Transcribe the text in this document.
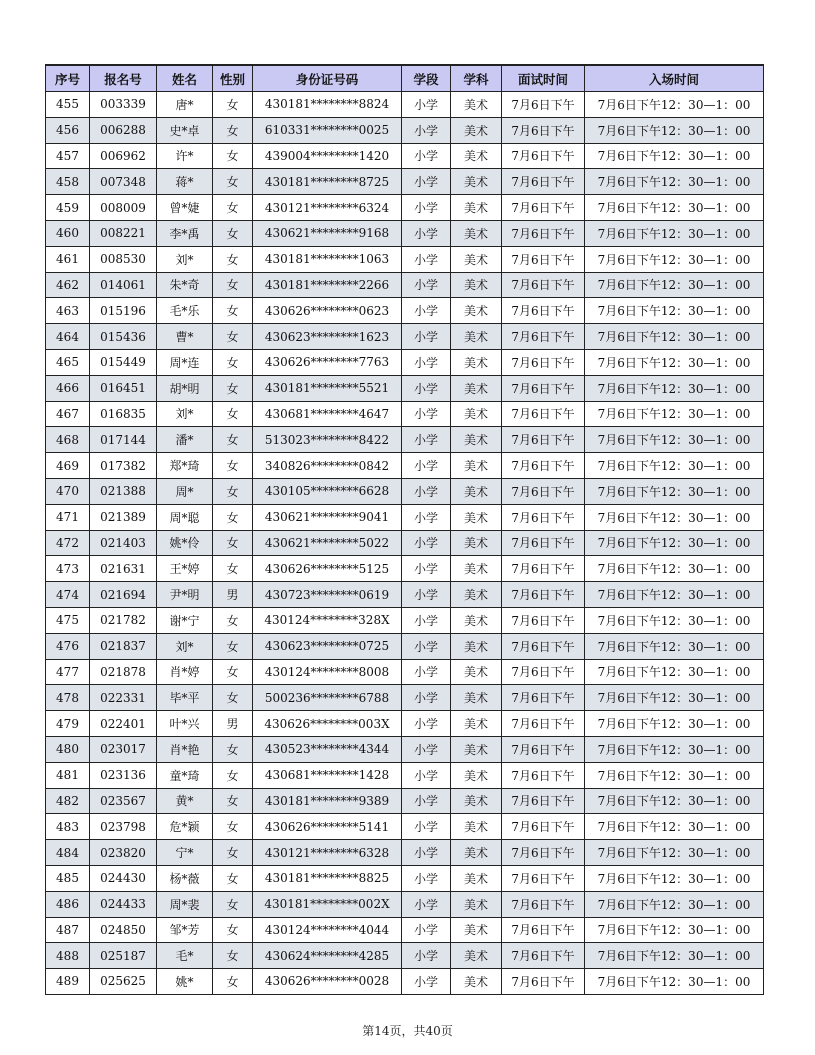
序号	报名号	姓名	性别	身份证号码	学段	学科	面试时间	入场时间
455	003339	唐*	女	430181********8824	小学	美术	7月6日下午	7月6日下午12：30—1：00
456	006288	史*卓	女	610331********0025	小学	美术	7月6日下午	7月6日下午12：30—1：00
457	006962	许*	女	439004********1420	小学	美术	7月6日下午	7月6日下午12：30—1：00
458	007348	蒋*	女	430181********8725	小学	美术	7月6日下午	7月6日下午12：30—1：00
459	008009	曾*婕	女	430121********6324	小学	美术	7月6日下午	7月6日下午12：30—1：00
460	008221	李*禹	女	430621********9168	小学	美术	7月6日下午	7月6日下午12：30—1：00
461	008530	刘*	女	430181********1063	小学	美术	7月6日下午	7月6日下午12：30—1：00
462	014061	朱*奇	女	430181********2266	小学	美术	7月6日下午	7月6日下午12：30—1：00
463	015196	毛*乐	女	430626********0623	小学	美术	7月6日下午	7月6日下午12：30—1：00
464	015436	曹*	女	430623********1623	小学	美术	7月6日下午	7月6日下午12：30—1：00
465	015449	周*连	女	430626********7763	小学	美术	7月6日下午	7月6日下午12：30—1：00
466	016451	胡*明	女	430181********5521	小学	美术	7月6日下午	7月6日下午12：30—1：00
467	016835	刘*	女	430681********4647	小学	美术	7月6日下午	7月6日下午12：30—1：00
468	017144	潘*	女	513023********8422	小学	美术	7月6日下午	7月6日下午12：30—1：00
469	017382	郑*琦	女	340826********0842	小学	美术	7月6日下午	7月6日下午12：30—1：00
470	021388	周*	女	430105********6628	小学	美术	7月6日下午	7月6日下午12：30—1：00
471	021389	周*聪	女	430621********9041	小学	美术	7月6日下午	7月6日下午12：30—1：00
472	021403	姚*伶	女	430621********5022	小学	美术	7月6日下午	7月6日下午12：30—1：00
473	021631	王*婷	女	430626********5125	小学	美术	7月6日下午	7月6日下午12：30—1：00
474	021694	尹*明	男	430723********0619	小学	美术	7月6日下午	7月6日下午12：30—1：00
475	021782	谢*宁	女	430124********328X	小学	美术	7月6日下午	7月6日下午12：30—1：00
476	021837	刘*	女	430623********0725	小学	美术	7月6日下午	7月6日下午12：30—1：00
477	021878	肖*婷	女	430124********8008	小学	美术	7月6日下午	7月6日下午12：30—1：00
478	022331	毕*平	女	500236********6788	小学	美术	7月6日下午	7月6日下午12：30—1：00
479	022401	叶*兴	男	430626********003X	小学	美术	7月6日下午	7月6日下午12：30—1：00
480	023017	肖*艳	女	430523********4344	小学	美术	7月6日下午	7月6日下午12：30—1：00
481	023136	童*琦	女	430681********1428	小学	美术	7月6日下午	7月6日下午12：30—1：00
482	023567	黄*	女	430181********9389	小学	美术	7月6日下午	7月6日下午12：30—1：00
483	023798	危*颖	女	430626********5141	小学	美术	7月6日下午	7月6日下午12：30—1：00
484	023820	宁*	女	430121********6328	小学	美术	7月6日下午	7月6日下午12：30—1：00
485	024430	杨*薇	女	430181********8825	小学	美术	7月6日下午	7月6日下午12：30—1：00
486	024433	周*裴	女	430181********002X	小学	美术	7月6日下午	7月6日下午12：30—1：00
487	024850	邹*芳	女	430124********4044	小学	美术	7月6日下午	7月6日下午12：30—1：00
488	025187	毛*	女	430624********4285	小学	美术	7月6日下午	7月6日下午12：30—1：00
489	025625	姚*	女	430626********0028	小学	美术	7月6日下午	7月6日下午12：30—1：00
第14页，共40页
